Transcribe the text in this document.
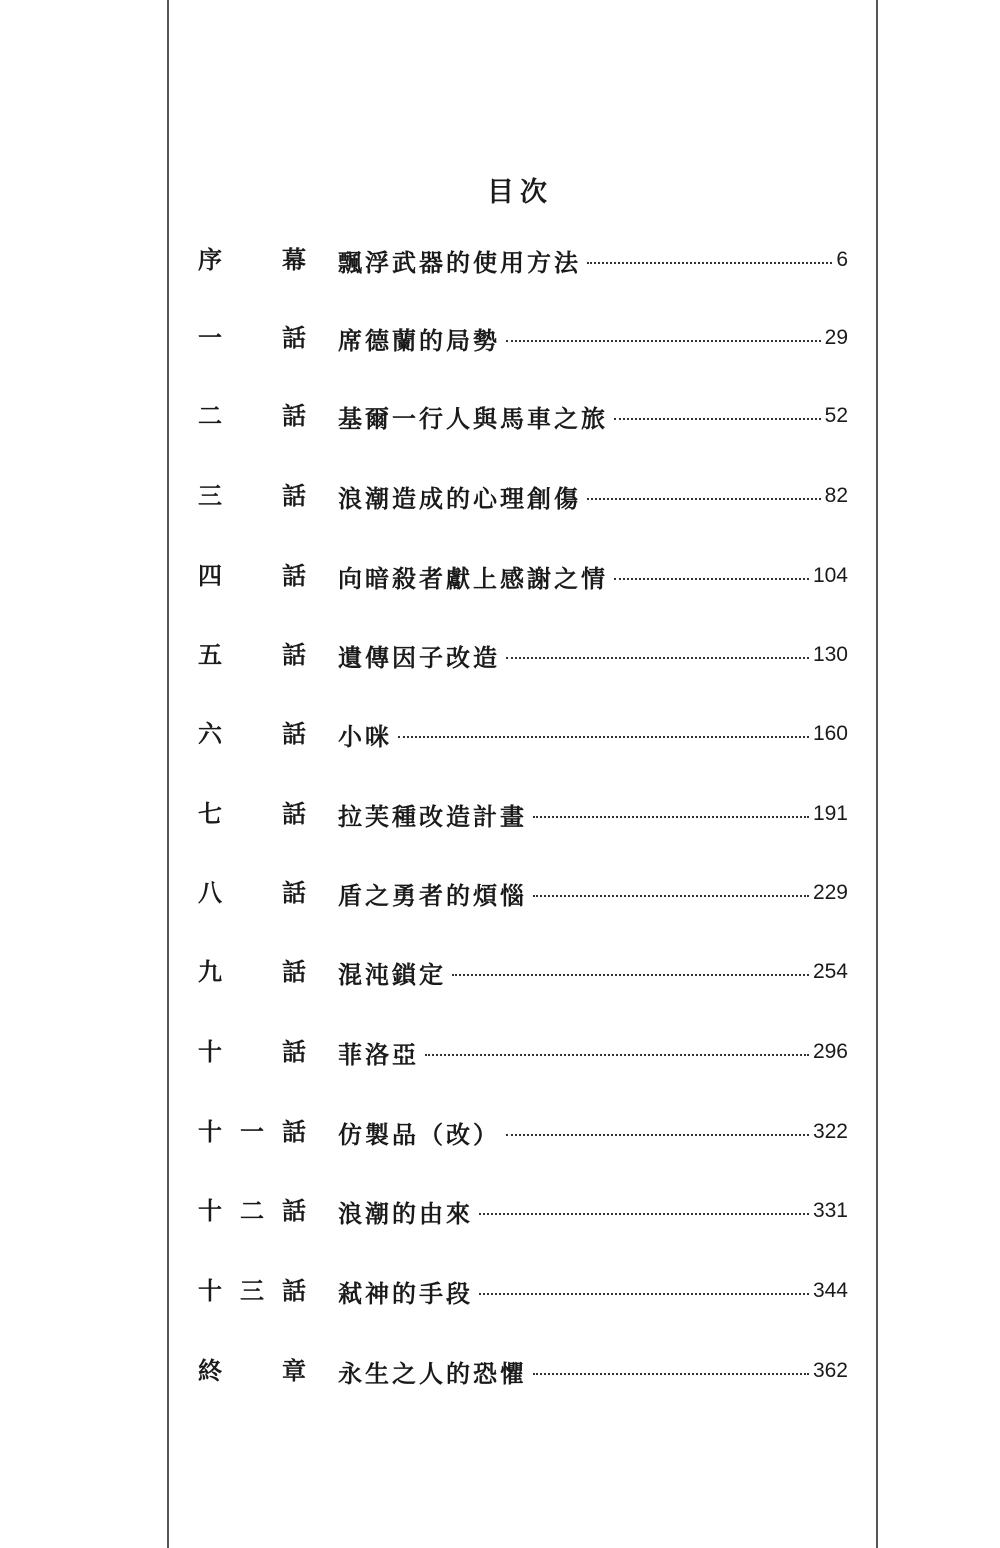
目次
序	幕 飄浮武器的使用方法	6
一	話 席德蘭的局勢	29
二	話 基爾一行人與馬車之旅	52
三	話 浪潮造成的心理創傷	82
四	話 向暗殺者獻上感謝之情	104
五	話 遺傳因子改造	130
六	話 小咪	160
七	話 拉芙種改造計畫	191
八	話 盾之勇者的煩惱	229
九	話 混沌鎖定	254
十	話 菲洛亞	296
十 一 話 仿製品（改）	322
十 二 話 浪潮的由來	331
十 三 話 弒神的手段	344
終	章 永生之人的恐懼	362
